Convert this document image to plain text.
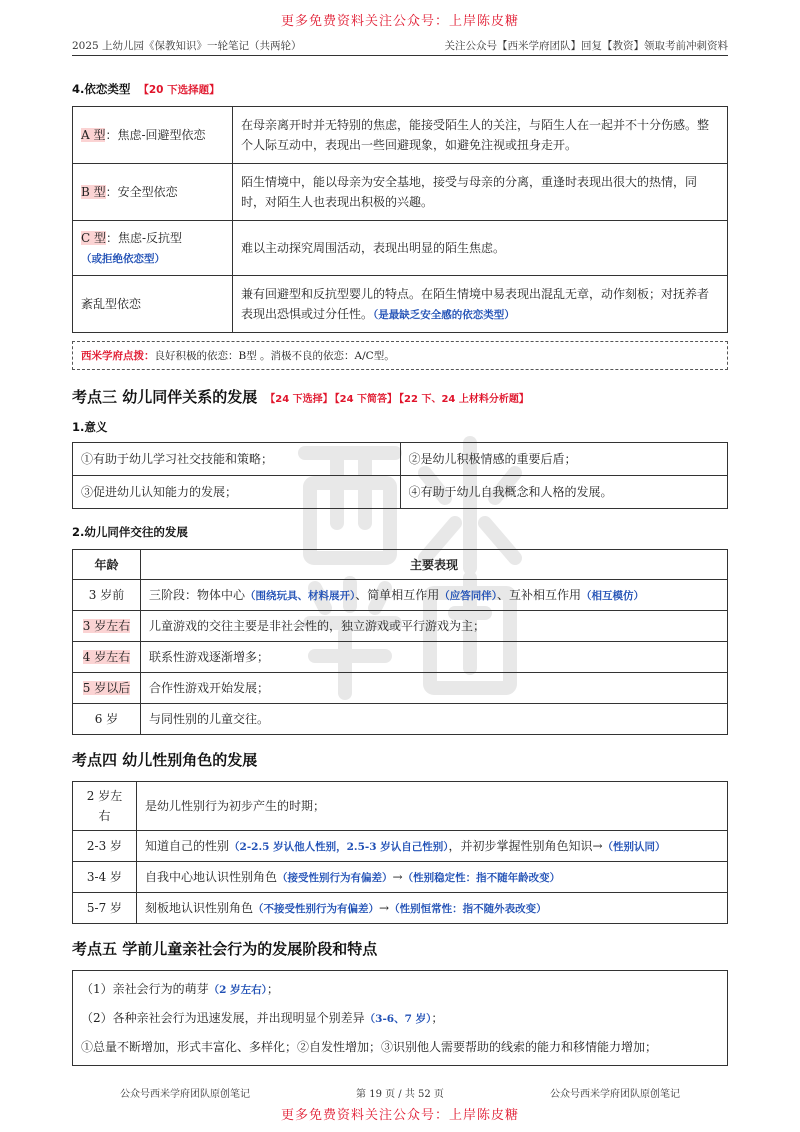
更多免费资料关注公众号：上岸陈皮糖
2025 上幼儿园《保教知识》一轮笔记（共两轮）	关注公众号【西米学府团队】回复【教资】领取考前冲刺资料
4.依恋类型 【20 下选择题】
A 型：焦虑-回避型依恋	在母亲离开时并无特别的焦虑，能接受陌生人的关注，与陌生人在一起并不十分伤感。整个人际互动中，表现出一些回避现象，如避免注视或扭身走开。
B 型：安全型依恋	陌生情境中，能以母亲为安全基地，接受与母亲的分离，重逢时表现出很大的热情，同时，对陌生人也表现出积极的兴趣。
C 型：焦虑-反抗型
（或拒绝依恋型）	难以主动探究周围活动，表现出明显的陌生焦虑。
紊乱型依恋	兼有回避型和反抗型婴儿的特点。在陌生情境中易表现出混乱无章，动作刻板；对抚养者表现出恐惧或过分任性。（是最缺乏安全感的依恋类型）
西米学府点拨：良好积极的依恋：B型 。消极不良的依恋：A/C型。
考点三 幼儿同伴关系的发展 【24 下选择】 【24 下简答】 【22 下、24 上材料分析题】
1.意义
①有助于幼儿学习社交技能和策略；	②是幼儿积极情感的重要后盾；
③促进幼儿认知能力的发展；	④有助于幼儿自我概念和人格的发展。
2.幼儿同伴交往的发展
年龄	主要表现
3 岁前	三阶段：物体中心（围绕玩具、材料展开）、简单相互作用（应答同伴）、互补相互作用（相互模仿）
3 岁左右	儿童游戏的交往主要是非社会性的，独立游戏或平行游戏为主；
4 岁左右	联系性游戏逐渐增多；
5 岁以后	合作性游戏开始发展；
6 岁	与同性别的儿童交往。
考点四 幼儿性别角色的发展
2 岁左右	是幼儿性别行为初步产生的时期；
2-3 岁	知道自己的性别（2-2.5 岁认他人性别，2.5-3 岁认自己性别），并初步掌握性别角色知识→（性别认同）
3-4 岁	自我中心地认识性别角色（接受性别行为有偏差）→（性别稳定性：指不随年龄改变）
5-7 岁	刻板地认识性别角色（不接受性别行为有偏差）→（性别恒常性：指不随外表改变）
考点五 学前儿童亲社会行为的发展阶段和特点
（1）亲社会行为的萌芽（2 岁左右）；
（2）各种亲社会行为迅速发展，并出现明显个别差异（3-6、7 岁）；
①总量不断增加，形式丰富化、多样化；②自发性增加；③识别他人需要帮助的线索的能力和移情能力增加；
公众号西米学府团队原创笔记	第 19 页 / 共 52 页	公众号西米学府团队原创笔记
更多免费资料关注公众号：上岸陈皮糖
